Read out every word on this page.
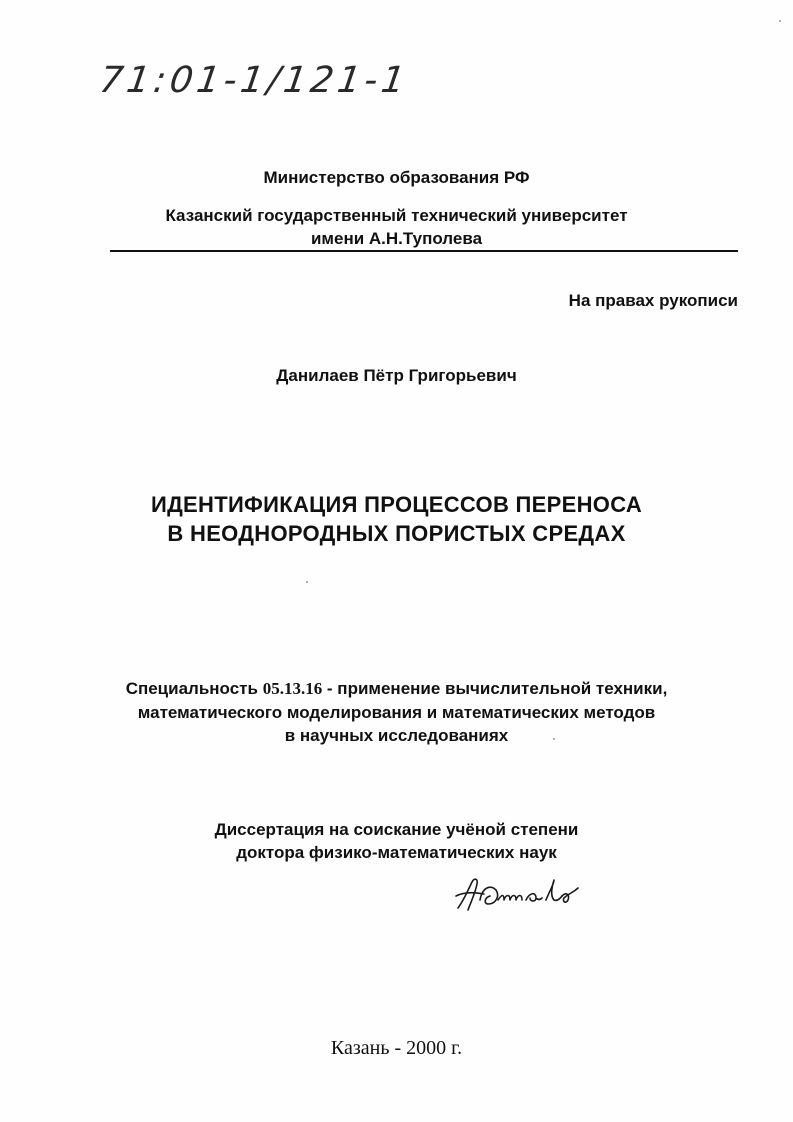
71:01-1/121-1
Министерство образования РФ
Казанский государственный технический университет
имени А.Н.Туполева
На правах рукописи
Данилаев Пётр Григорьевич
ИДЕНТИФИКАЦИЯ ПРОЦЕССОВ ПЕРЕНОСА
В НЕОДНОРОДНЫХ ПОРИСТЫХ СРЕДАХ
Специальность 05.13.16 - применение вычислительной техники,
математического моделирования и математических методов
в научных исследованиях
Диссертация на соискание учёной степени
доктора физико-математических наук
Казань - 2000 г.
